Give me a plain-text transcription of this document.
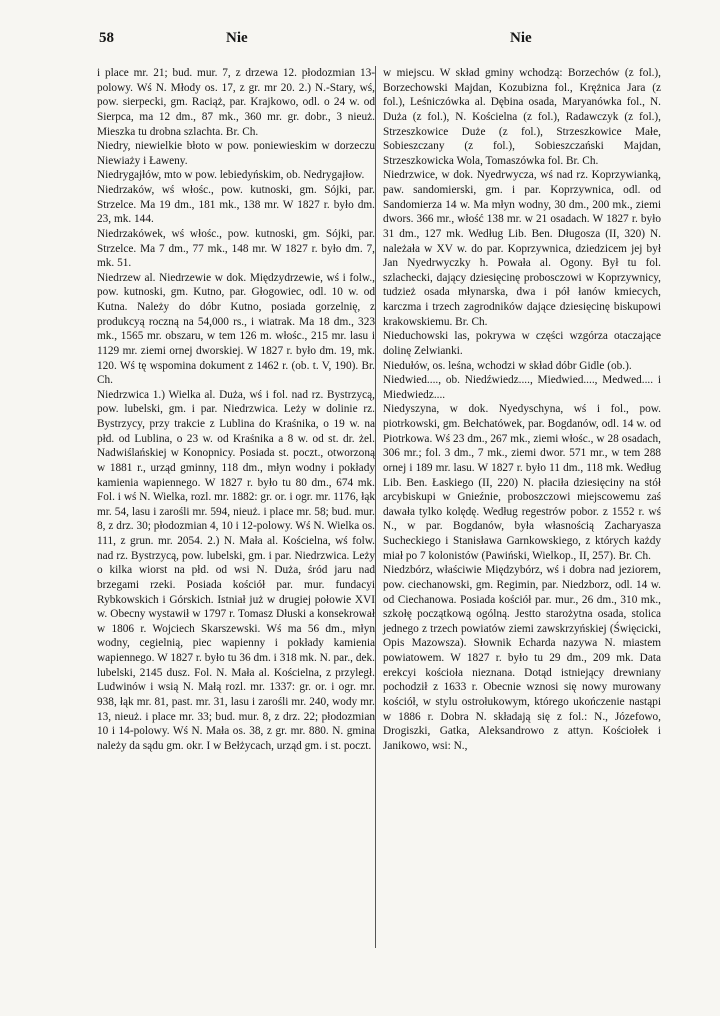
58	Nie	Nie

i place mr. 21; bud. mur. 7, z drzewa 12. płodozmian 13-polowy. Wś N. Młody os. 17, z gr. mr 20. 2.) N.-Stary, wś, pow. sierpecki, gm. Raciąż, par. Krajkowo, odl. o 24 w. od Sierpca, ma 12 dm., 87 mk., 360 mr. gr. dobr., 3 nieuż. Mieszka tu drobna szlachta. Br. Ch.

Niedry, niewielkie błoto w pow. poniewieskim w dorzeczu Niewiaży i Ławeny.

Niedrygajłów, mto w pow. lebiedyńskim, ob. Nedrygajłow.

Niedrzaków, wś włośc., pow. kutnoski, gm. Sójki, par. Strzelce. Ma 19 dm., 181 mk., 138 mr. W 1827 r. było dm. 23, mk. 144.

Niedrzakówek, wś włośc., pow. kutnoski, gm. Sójki, par. Strzelce. Ma 7 dm., 77 mk., 148 mr. W 1827 r. było dm. 7, mk. 51.

Niedrzew al. Niedrzewie w dok. Międzydrzewie, wś i folw., pow. kutnoski, gm. Kutno, par. Głogowiec, odl. 10 w. od Kutna. Należy do dóbr Kutno, posiada gorzelnię, z produkcyą roczną na 54,000 rs., i wiatrak. Ma 18 dm., 323 mk., 1565 mr. obszaru, w tem 126 m. włośc., 215 mr. lasu i 1129 mr. ziemi ornej dworskiej. W 1827 r. było dm. 19, mk. 120. Wś tę wspomina dokument z 1462 r. (ob. t. V, 190). Br. Ch.

Niedrzwica 1.) Wielka al. Duża, wś i fol. nad rz. Bystrzycą, pow. lubelski, gm. i par. Niedrzwica. Leży w dolinie rz. Bystrzycy, przy trakcie z Lublina do Kraśnika, o 19 w. na płd. od Lublina, o 23 w. od Kraśnika a 8 w. od st. dr. żel. Nadwiślańskiej w Konopnicy. Posiada st. poczt., otworzoną w 1881 r., urząd gminny, 118 dm., młyn wodny i pokłady kamienia wapiennego. W 1827 r. było tu 80 dm., 674 mk. Fol. i wś N. Wielka, rozl. mr. 1882: gr. or. i ogr. mr. 1176, łąk mr. 54, lasu i zarośli mr. 594, nieuż. i place mr. 58; bud. mur. 8, z drz. 30; płodozmian 4, 10 i 12-polowy. Wś N. Wielka os. 111, z grun. mr. 2054. 2.) N. Mała al. Kościelna, wś folw. nad rz. Bystrzycą, pow. lubelski, gm. i par. Niedrzwica. Leży o kilka wiorst na płd. od wsi N. Duża, śród jaru nad brzegami rzeki. Posiada kościół par. mur. fundacyi Rybkowskich i Górskich. Istniał już w drugiej połowie XVI w. Obecny wystawił w 1797 r. Tomasz Dłuski a konsekrował w 1806 r. Wojciech Skarszewski. Wś ma 56 dm., młyn wodny, cegielnią, piec wapienny i pokłady kamienia wapiennego. W 1827 r. było tu 36 dm. i 318 mk. N. par., dek. lubelski, 2145 dusz. Fol. N. Mała al. Kościelna, z przyległ. Ludwinów i wsią N. Małą rozl. mr. 1337: gr. or. i ogr. mr. 938, łąk mr. 81, past. mr. 31, lasu i zarośli mr. 240, wody mr. 13, nieuż. i place mr. 33; bud. mur. 8, z drz. 22; płodozmian 10 i 14-polowy. Wś N. Mała os. 38, z gr. mr. 880. N. gmina należy da sądu gm. okr. I w Bełżycach, urząd gm. i st. poczt.

w miejscu. W skład gminy wchodzą: Borzechów (z fol.), Borzechowski Majdan, Kozubizna fol., Krężnica Jara (z fol.), Leśniczówka al. Dębina osada, Maryanówka fol., N. Duża (z fol.), N. Kościelna (z fol.), Radawczyk (z fol.), Strzeszkowice Duże (z fol.), Strzeszkowice Małe, Sobieszczany (z fol.), Sobieszczański Majdan, Strzeszkowicka Wola, Tomaszówka fol. Br. Ch.

Niedrzwice, w dok. Nyedrwycza, wś nad rz. Koprzywianką, paw. sandomierski, gm. i par. Koprzywnica, odl. od Sandomierza 14 w. Ma młyn wodny, 30 dm., 200 mk., ziemi dwors. 366 mr., włość 138 mr. w 21 osadach. W 1827 r. było 31 dm., 127 mk. Według Lib. Ben. Długosza (II, 320) N. należała w XV w. do par. Koprzywnica, dziedzicem jej był Jan Nyedrwyczky h. Powała al. Ogony. Był tu fol. szlachecki, dający dziesięcinę probosczowi w Koprzywnicy, tudzież osada młynarska, dwa i pół łanów kmiecych, karczma i trzech zagrodników dające dziesięcinę biskupowi krakowskiemu. Br. Ch.

Nieduchowski las, pokrywa w części wzgórza otaczające dolinę Zelwianki.

Niedułów, os. leśna, wchodzi w skład dóbr Gidle (ob.).

Niedwied...., ob. Niedźwiedz...., Miedwied...., Medwed.... i Miedwiedz....

Niedyszyna, w dok. Nyedyschyna, wś i fol., pow. piotrkowski, gm. Bełchatówek, par. Bogdanów, odl. 14 w. od Piotrkowa. Wś 23 dm., 267 mk., ziemi włośc., w 28 osadach, 306 mr.; fol. 3 dm., 7 mk., ziemi dwor. 571 mr., w tem 288 ornej i 189 mr. lasu. W 1827 r. było 11 dm., 118 mk. Według Lib. Ben. Łaskiego (II, 220) N. płaciła dziesięciny na stół arcybiskupi w Gnieźnie, proboszczowi miejscowemu zaś dawała tylko kolędę. Według regestrów pobor. z 1552 r. wś N., w par. Bogdanów, była własnością Zacharyasza Sucheckiego i Stanisława Garnkowskiego, z których każdy miał po 7 kolonistów (Pawiński, Wielkop., II, 257). Br. Ch.

Niedzbórz, właściwie Międzybórz, wś i dobra nad jeziorem, pow. ciechanowski, gm. Regimin, par. Niedzborz, odl. 14 w. od Ciechanowa. Posiada kościół par. mur., 26 dm., 310 mk., szkołę początkową ogólną. Jestto starożytna osada, stolica jednego z trzech powiatów ziemi zawskrzyńskiej (Święcicki, Opis Mazowsza). Słownik Echarda nazywa N. miastem powiatowem. W 1827 r. było tu 29 dm., 209 mk. Data erekcyi kościoła nieznana. Dotąd istniejący drewniany pochodził z 1633 r. Obecnie wznosi się nowy murowany kościół, w stylu ostrołukowym, którego ukończenie nastąpi w 1886 r. Dobra N. składają się z fol.: N., Józefowo, Drogiszki, Gatka, Aleksandrowo z attyn. Kościołek i Janikowo, wsi: N.,
